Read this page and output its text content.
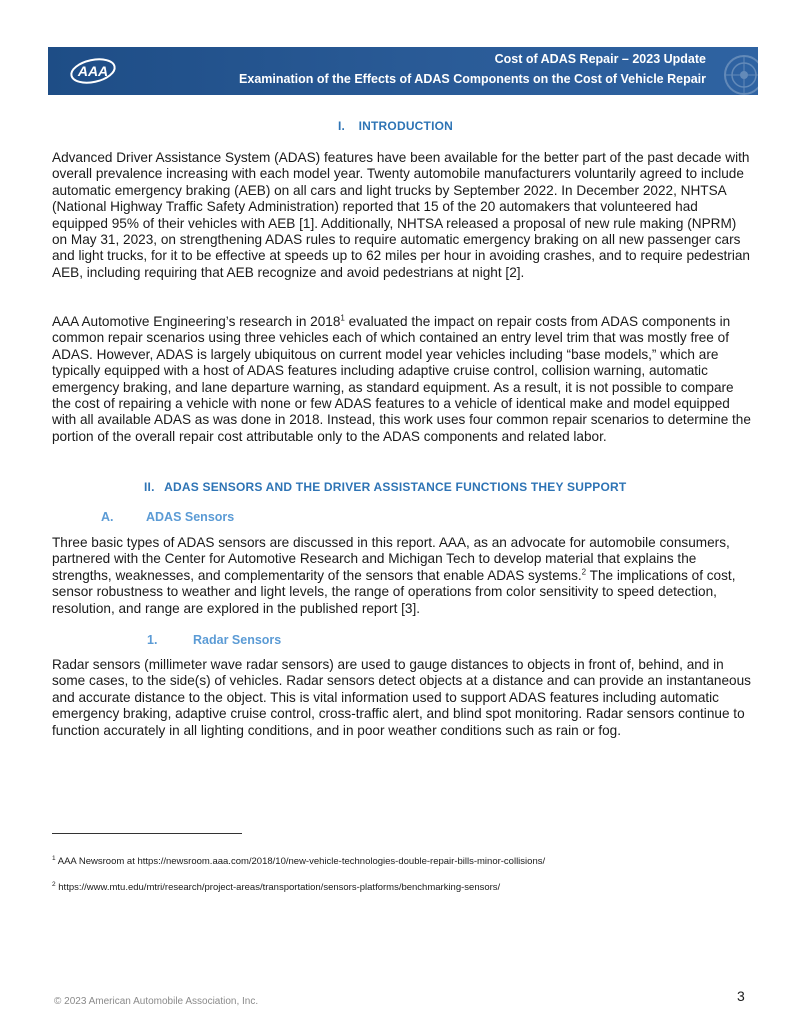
AAA
Cost of ADAS Repair – 2023 Update
Examination of the Effects of ADAS Components on the Cost of Vehicle Repair
I. INTRODUCTION

Advanced Driver Assistance System (ADAS) features have been available for the better part of the past decade with overall prevalence increasing with each model year. Twenty automobile manufacturers voluntarily agreed to include automatic emergency braking (AEB) on all cars and light trucks by September 2022. In December 2022, NHTSA (National Highway Traffic Safety Administration) reported that 15 of the 20 automakers that volunteered had equipped 95% of their vehicles with AEB [1]. Additionally, NHTSA released a proposal of new rule making (NPRM) on May 31, 2023, on strengthening ADAS rules to require automatic emergency braking on all new passenger cars and light trucks, for it to be effective at speeds up to 62 miles per hour in avoiding crashes, and to require pedestrian AEB, including requiring that AEB recognize and avoid pedestrians at night [2].

AAA Automotive Engineering’s research in 2018$^1$ evaluated the impact on repair costs from ADAS components in common repair scenarios using three vehicles each of which contained an entry level trim that was mostly free of ADAS. However, ADAS is largely ubiquitous on current model year vehicles including “base models,” which are typically equipped with a host of ADAS features including adaptive cruise control, collision warning, automatic emergency braking, and lane departure warning, as standard equipment. As a result, it is not possible to compare the cost of repairing a vehicle with none or few ADAS features to a vehicle of identical make and model equipped with all available ADAS as was done in 2018. Instead, this work uses four common repair scenarios to determine the portion of the overall repair cost attributable only to the ADAS components and related labor.

II. ADAS SENSORS AND THE DRIVER ASSISTANCE FUNCTIONS THEY SUPPORT
A.	ADAS Sensors

Three basic types of ADAS sensors are discussed in this report. AAA, as an advocate for automobile consumers, partnered with the Center for Automotive Research and Michigan Tech to develop material that explains the strengths, weaknesses, and complementarity of the sensors that enable ADAS systems.$^2$ The implications of cost, sensor robustness to weather and light levels, the range of operations from color sensitivity to speed detection, resolution, and range are explored in the published report [3].

1.	Radar Sensors

Radar sensors (millimeter wave radar sensors) are used to gauge distances to objects in front of, behind, and in some cases, to the side(s) of vehicles. Radar sensors detect objects at a distance and can provide an instantaneous and accurate distance to the object. This is vital information used to support ADAS features including automatic emergency braking, adaptive cruise control, cross-traffic alert, and blind spot monitoring. Radar sensors continue to function accurately in all lighting conditions, and in poor weather conditions such as rain or fog.

$^1$ AAA Newsroom at https://newsroom.aaa.com/2018/10/new-vehicle-technologies-double-repair-bills-minor-collisions/
$^2$ https://www.mtu.edu/mtri/research/project-areas/transportation/sensors-platforms/benchmarking-sensors/
© 2023 American Automobile Association, Inc.	3
